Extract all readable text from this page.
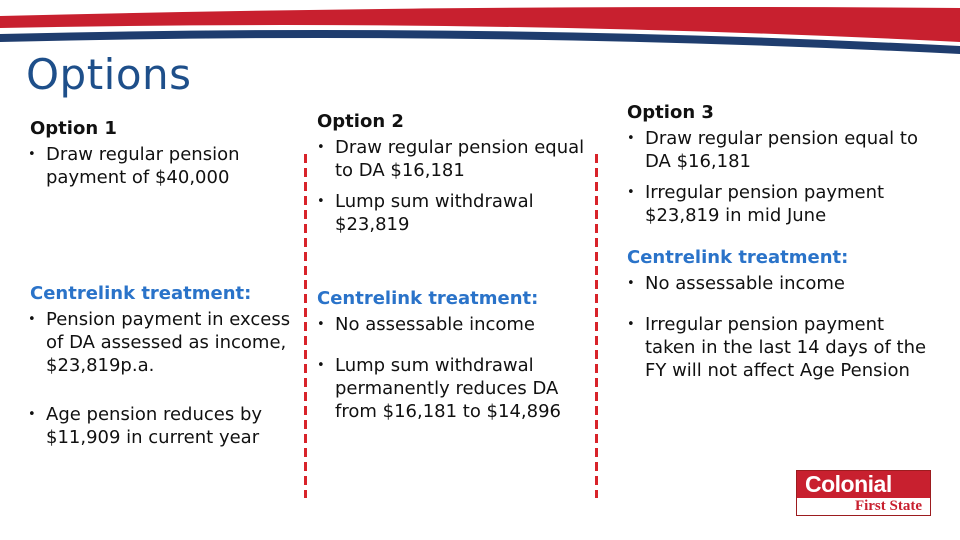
Options
Option 1
• Draw regular pension payment of $40,000
Centrelink treatment:
• Pension payment in excess of DA assessed as income, $23,819p.a.
• Age pension reduces by $11,909 in current year
Option 2
• Draw regular pension equal to DA $16,181
• Lump sum withdrawal $23,819
Centrelink treatment:
• No assessable income
• Lump sum withdrawal permanently reduces DA from $16,181 to $14,896
Option 3
• Draw regular pension equal to DA $16,181
• Irregular pension payment $23,819 in mid June
Centrelink treatment:
• No assessable income
• Irregular pension payment taken in the last 14 days of the FY will not affect Age Pension
Colonial
First State
